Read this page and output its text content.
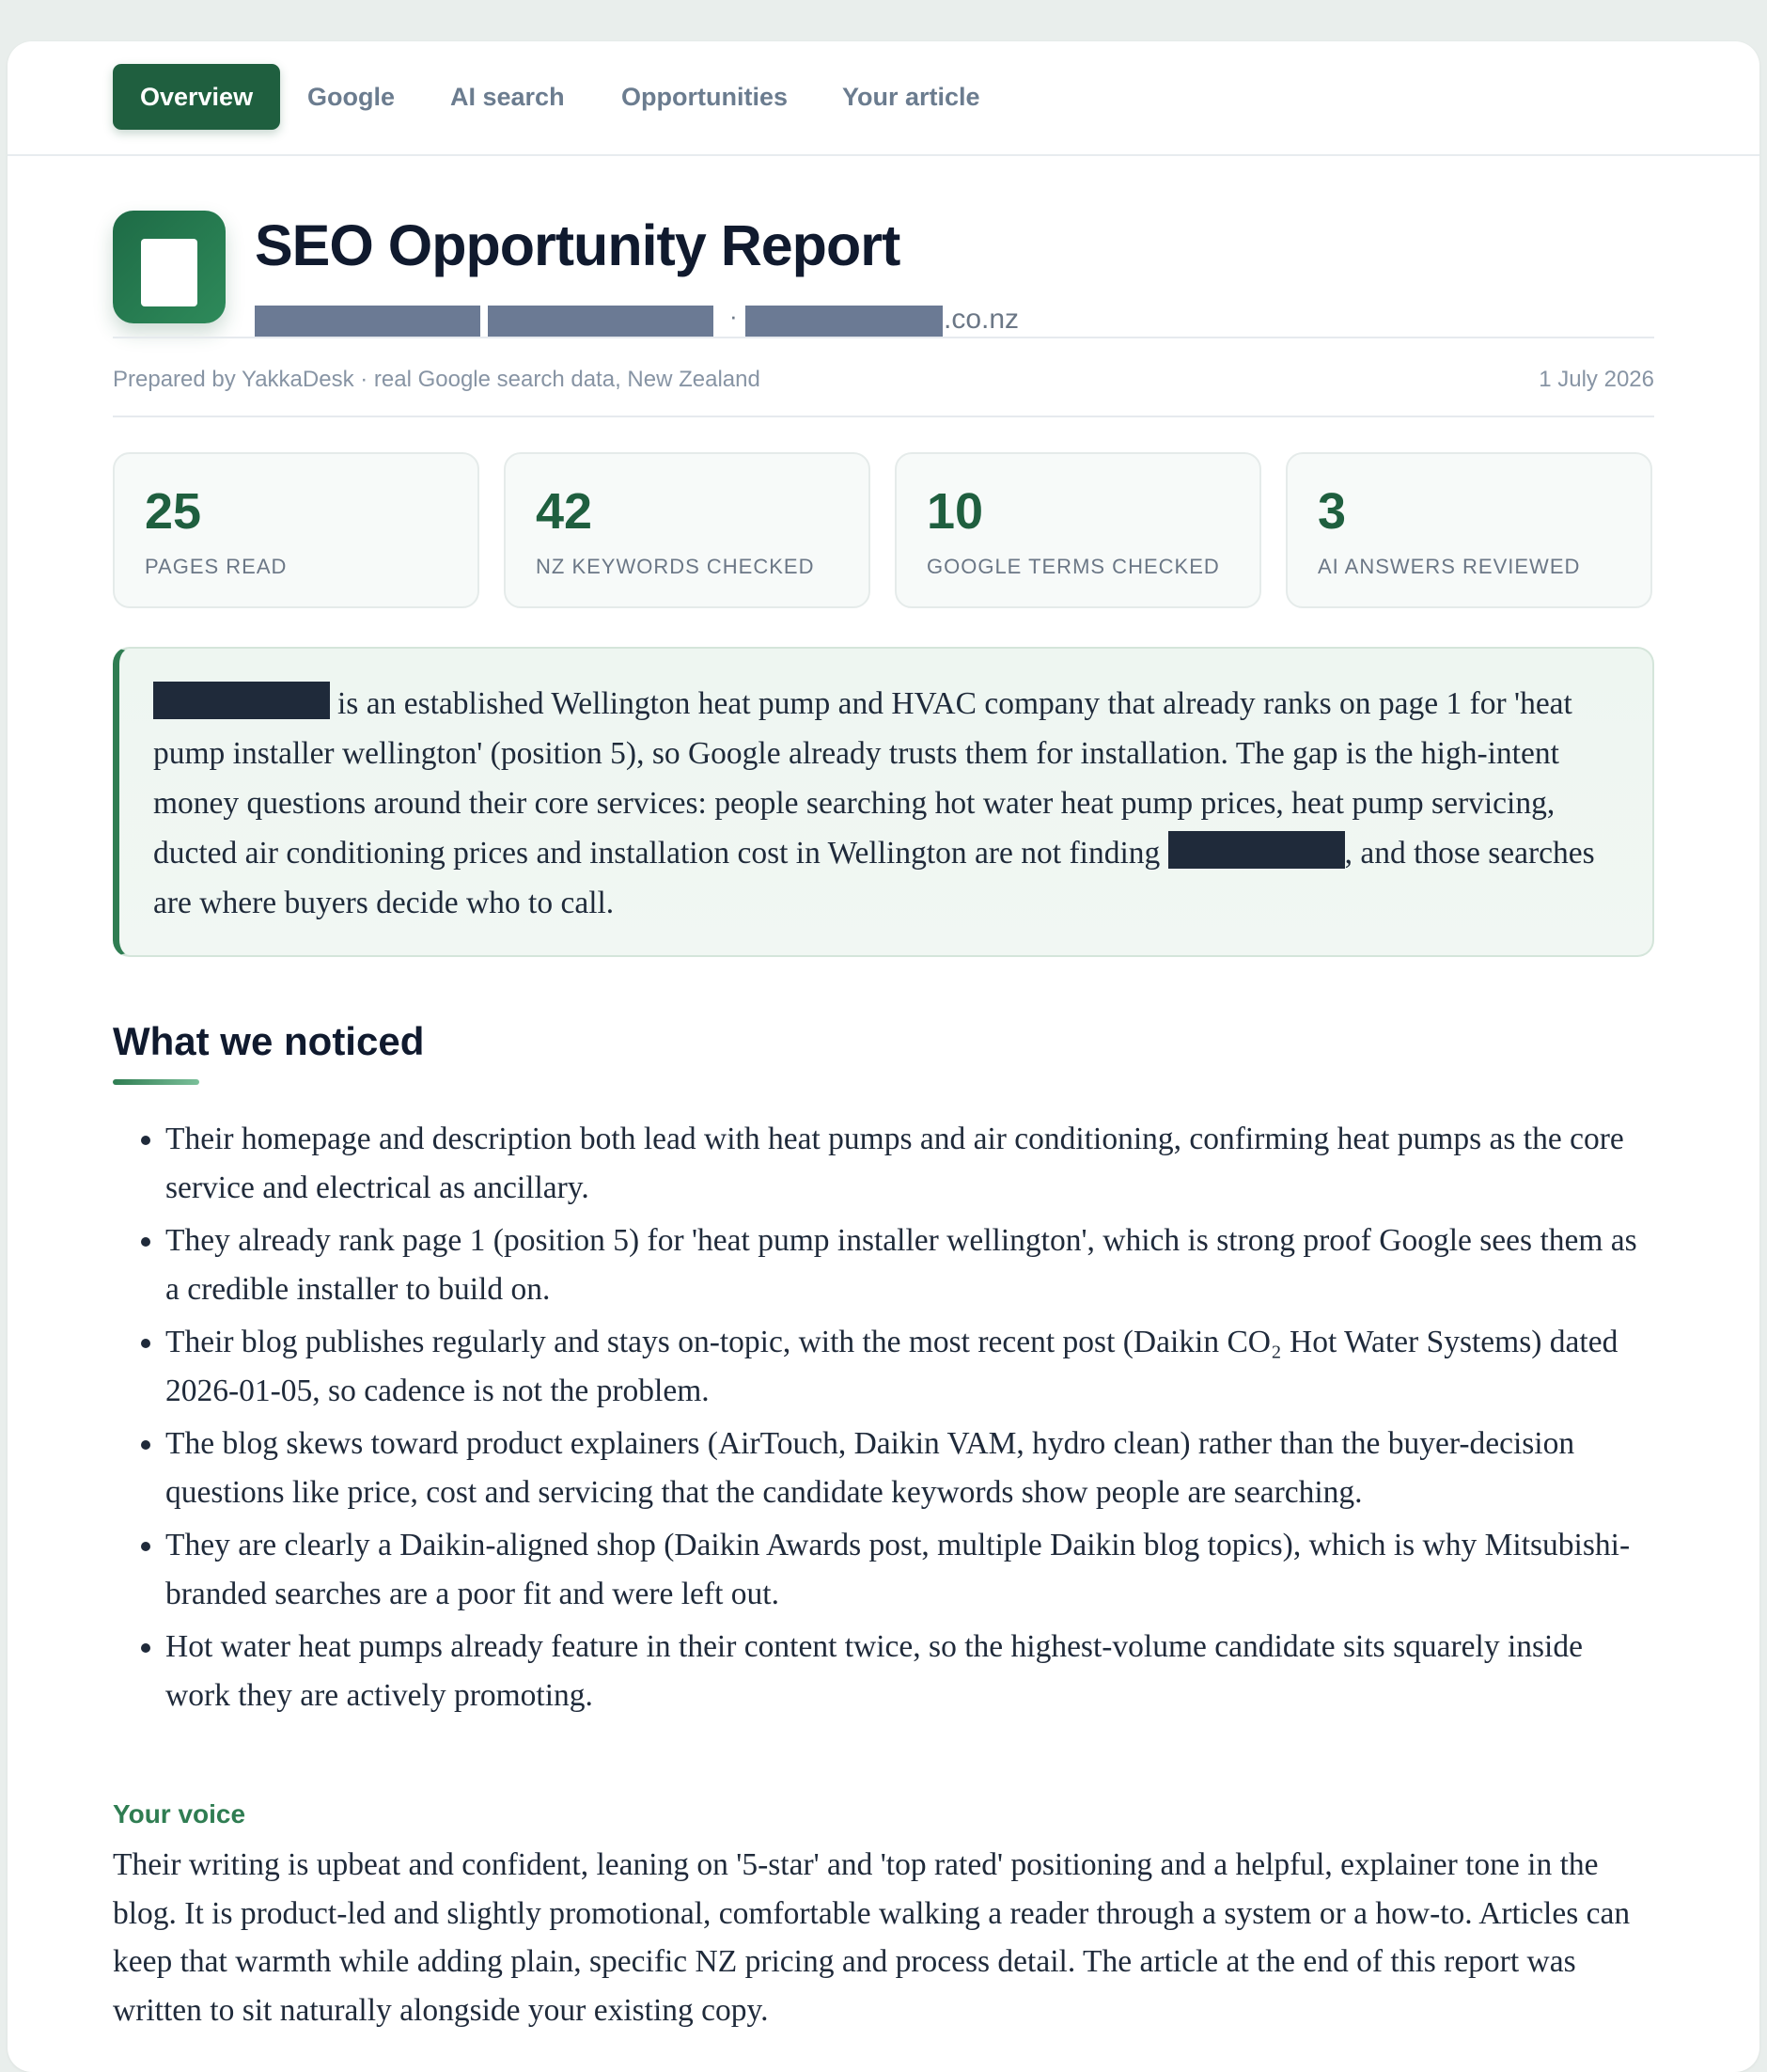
Overview	Google AI search Opportunities Your article
SEO Opportunity Report
·	.co.nz
Prepared by YakkaDesk · real Google search data, New Zealand	1 July 2026
25
PAGES READ
42
NZ KEYWORDS CHECKED
10
GOOGLE TERMS CHECKED
3
AI ANSWERS REVIEWED
is an established Wellington heat pump and HVAC company that already ranks on page 1 for 'heat pump installer wellington' (position 5), so Google already trusts them for installation. The gap is the high-intent money questions around their core services: people searching hot water heat pump prices, heat pump servicing, ducted air conditioning prices and installation cost in Wellington are not finding	, and those searches are where buyers decide who to call.
What we noticed
• Their homepage and description both lead with heat pumps and air conditioning, confirming heat pumps as the core service and electrical as ancillary.
• They already rank page 1 (position 5) for 'heat pump installer wellington', which is strong proof Google sees them as a credible installer to build on.
• Their blog publishes regularly and stays on-topic, with the most recent post (Daikin CO₂ Hot Water Systems) dated 2026-01-05, so cadence is not the problem.
• The blog skews toward product explainers (AirTouch, Daikin VAM, hydro clean) rather than the buyer-decision questions like price, cost and servicing that the candidate keywords show people are searching.
• They are clearly a Daikin-aligned shop (Daikin Awards post, multiple Daikin blog topics), which is why Mitsubishi-branded searches are a poor fit and were left out.
• Hot water heat pumps already feature in their content twice, so the highest-volume candidate sits squarely inside work they are actively promoting.
Your voice

Their writing is upbeat and confident, leaning on '5-star' and 'top rated' positioning and a helpful, explainer tone in the blog. It is product-led and slightly promotional, comfortable walking a reader through a system or a how-to. Articles can keep that warmth while adding plain, specific NZ pricing and process detail. The article at the end of this report was written to sit naturally alongside your existing copy.
